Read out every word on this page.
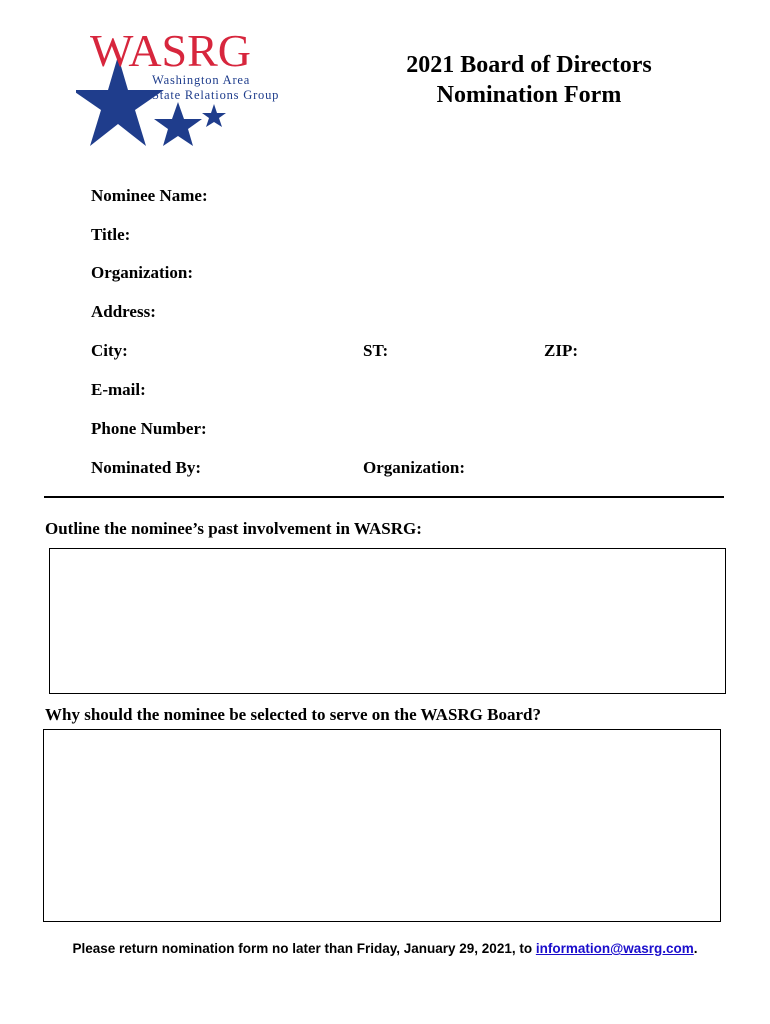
WASRG
Washington Area
State Relations Group
2021 Board of Directors
Nomination Form
Nominee Name:
Title:
Organization:
Address:
City:	ST:	ZIP:
E-mail:
Phone Number:
Nominated By:	Organization:
Outline the nominee’s past involvement in WASRG:
Why should the nominee be selected to serve on the WASRG Board?
Please return nomination form no later than Friday, January 29, 2021, to information@wasrg.com.
